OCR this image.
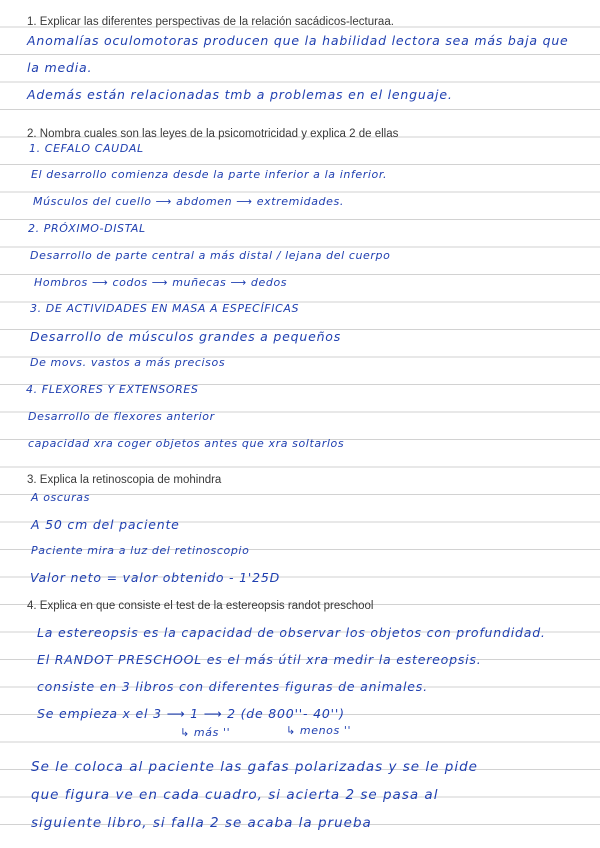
1. Explicar las diferentes perspectivas de la relación sacádicos-lecturaa.
Anomalías oculomotoras producen que la habilidad lectora sea más baja que
la media.
Además están relacionadas tmb a problemas en el lenguaje.
2. Nombra cuales son las leyes de la psicomotricidad y explica 2 de ellas
1. CEFALO CAUDAL
El desarrollo comienza desde la parte inferior a la inferior.
Músculos del cuello ⟶ abdomen ⟶ extremidades.
2. PRÓXIMO-DISTAL
Desarrollo de parte central a más distal / lejana del cuerpo
Hombros ⟶ codos ⟶ muñecas ⟶ dedos
3. DE ACTIVIDADES EN MASA A ESPECÍFICAS
Desarrollo de músculos grandes a pequeños
De movs. vastos a más precisos
4. FLEXORES Y EXTENSORES
Desarrollo de flexores anterior
capacidad xra coger objetos antes que xra soltarlos
3. Explica la retinoscopia de mohindra
A oscuras
A 50 cm del paciente
Paciente mira a luz del retinoscopio
Valor neto = valor obtenido - 1'25D
4. Explica en que consiste el test de la estereopsis randot preschool
La estereopsis es la capacidad de observar los objetos con profundidad.
El RANDOT PRESCHOOL es el más útil xra medir la estereopsis.
consiste en 3 libros con diferentes figuras de animales.
Se empieza x el 3 ⟶ 1 ⟶ 2 (de 800''- 40'')
↳ más ''	↳ menos ''
Se le coloca al paciente las gafas polarizadas y se le pide
que figura ve en cada cuadro, si acierta 2 se pasa al
siguiente libro, si falla 2 se acaba la prueba
